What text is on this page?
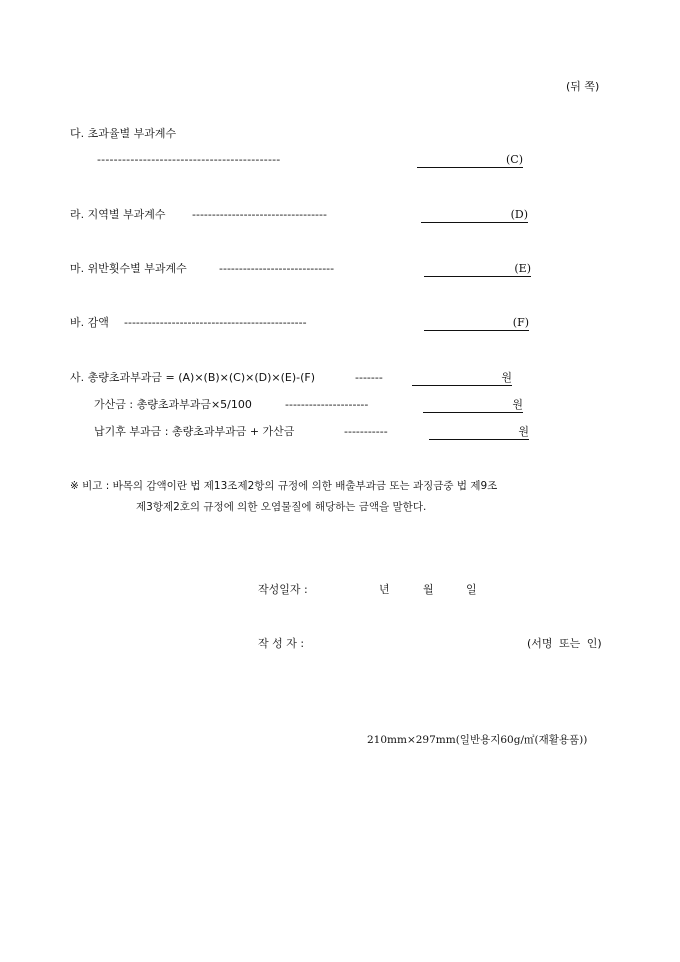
(뒤 쪽)
다. 초과율별 부과계수
--------------------------------------------	(C)
라. 지역별 부과계수 ----------------------------------	(D)
마. 위반횟수별 부과계수	-----------------------------	(E)
바. 감액 ----------------------------------------------	(F)
사. 총량초과부과금 = (A)×(B)×(C)×(D)×(E)-(F)	-------	원
가산금 : 총량초과부과금×5/100	---------------------	원
납기후 부과금 : 총량초과부과금 + 가산금	-----------	원
※ 비고 : 바목의 감액이란 법 제13조제2항의 규정에 의한 배출부과금 또는 과징금중 법 제9조
제3항제2호의 규정에 의한 오염물질에 해당하는 금액을 말한다.
작성일자 :	년	월	일
작 성 자 :	(서명 또는 인)
210mm×297mm(일반용지60g/㎡(재활용품))
